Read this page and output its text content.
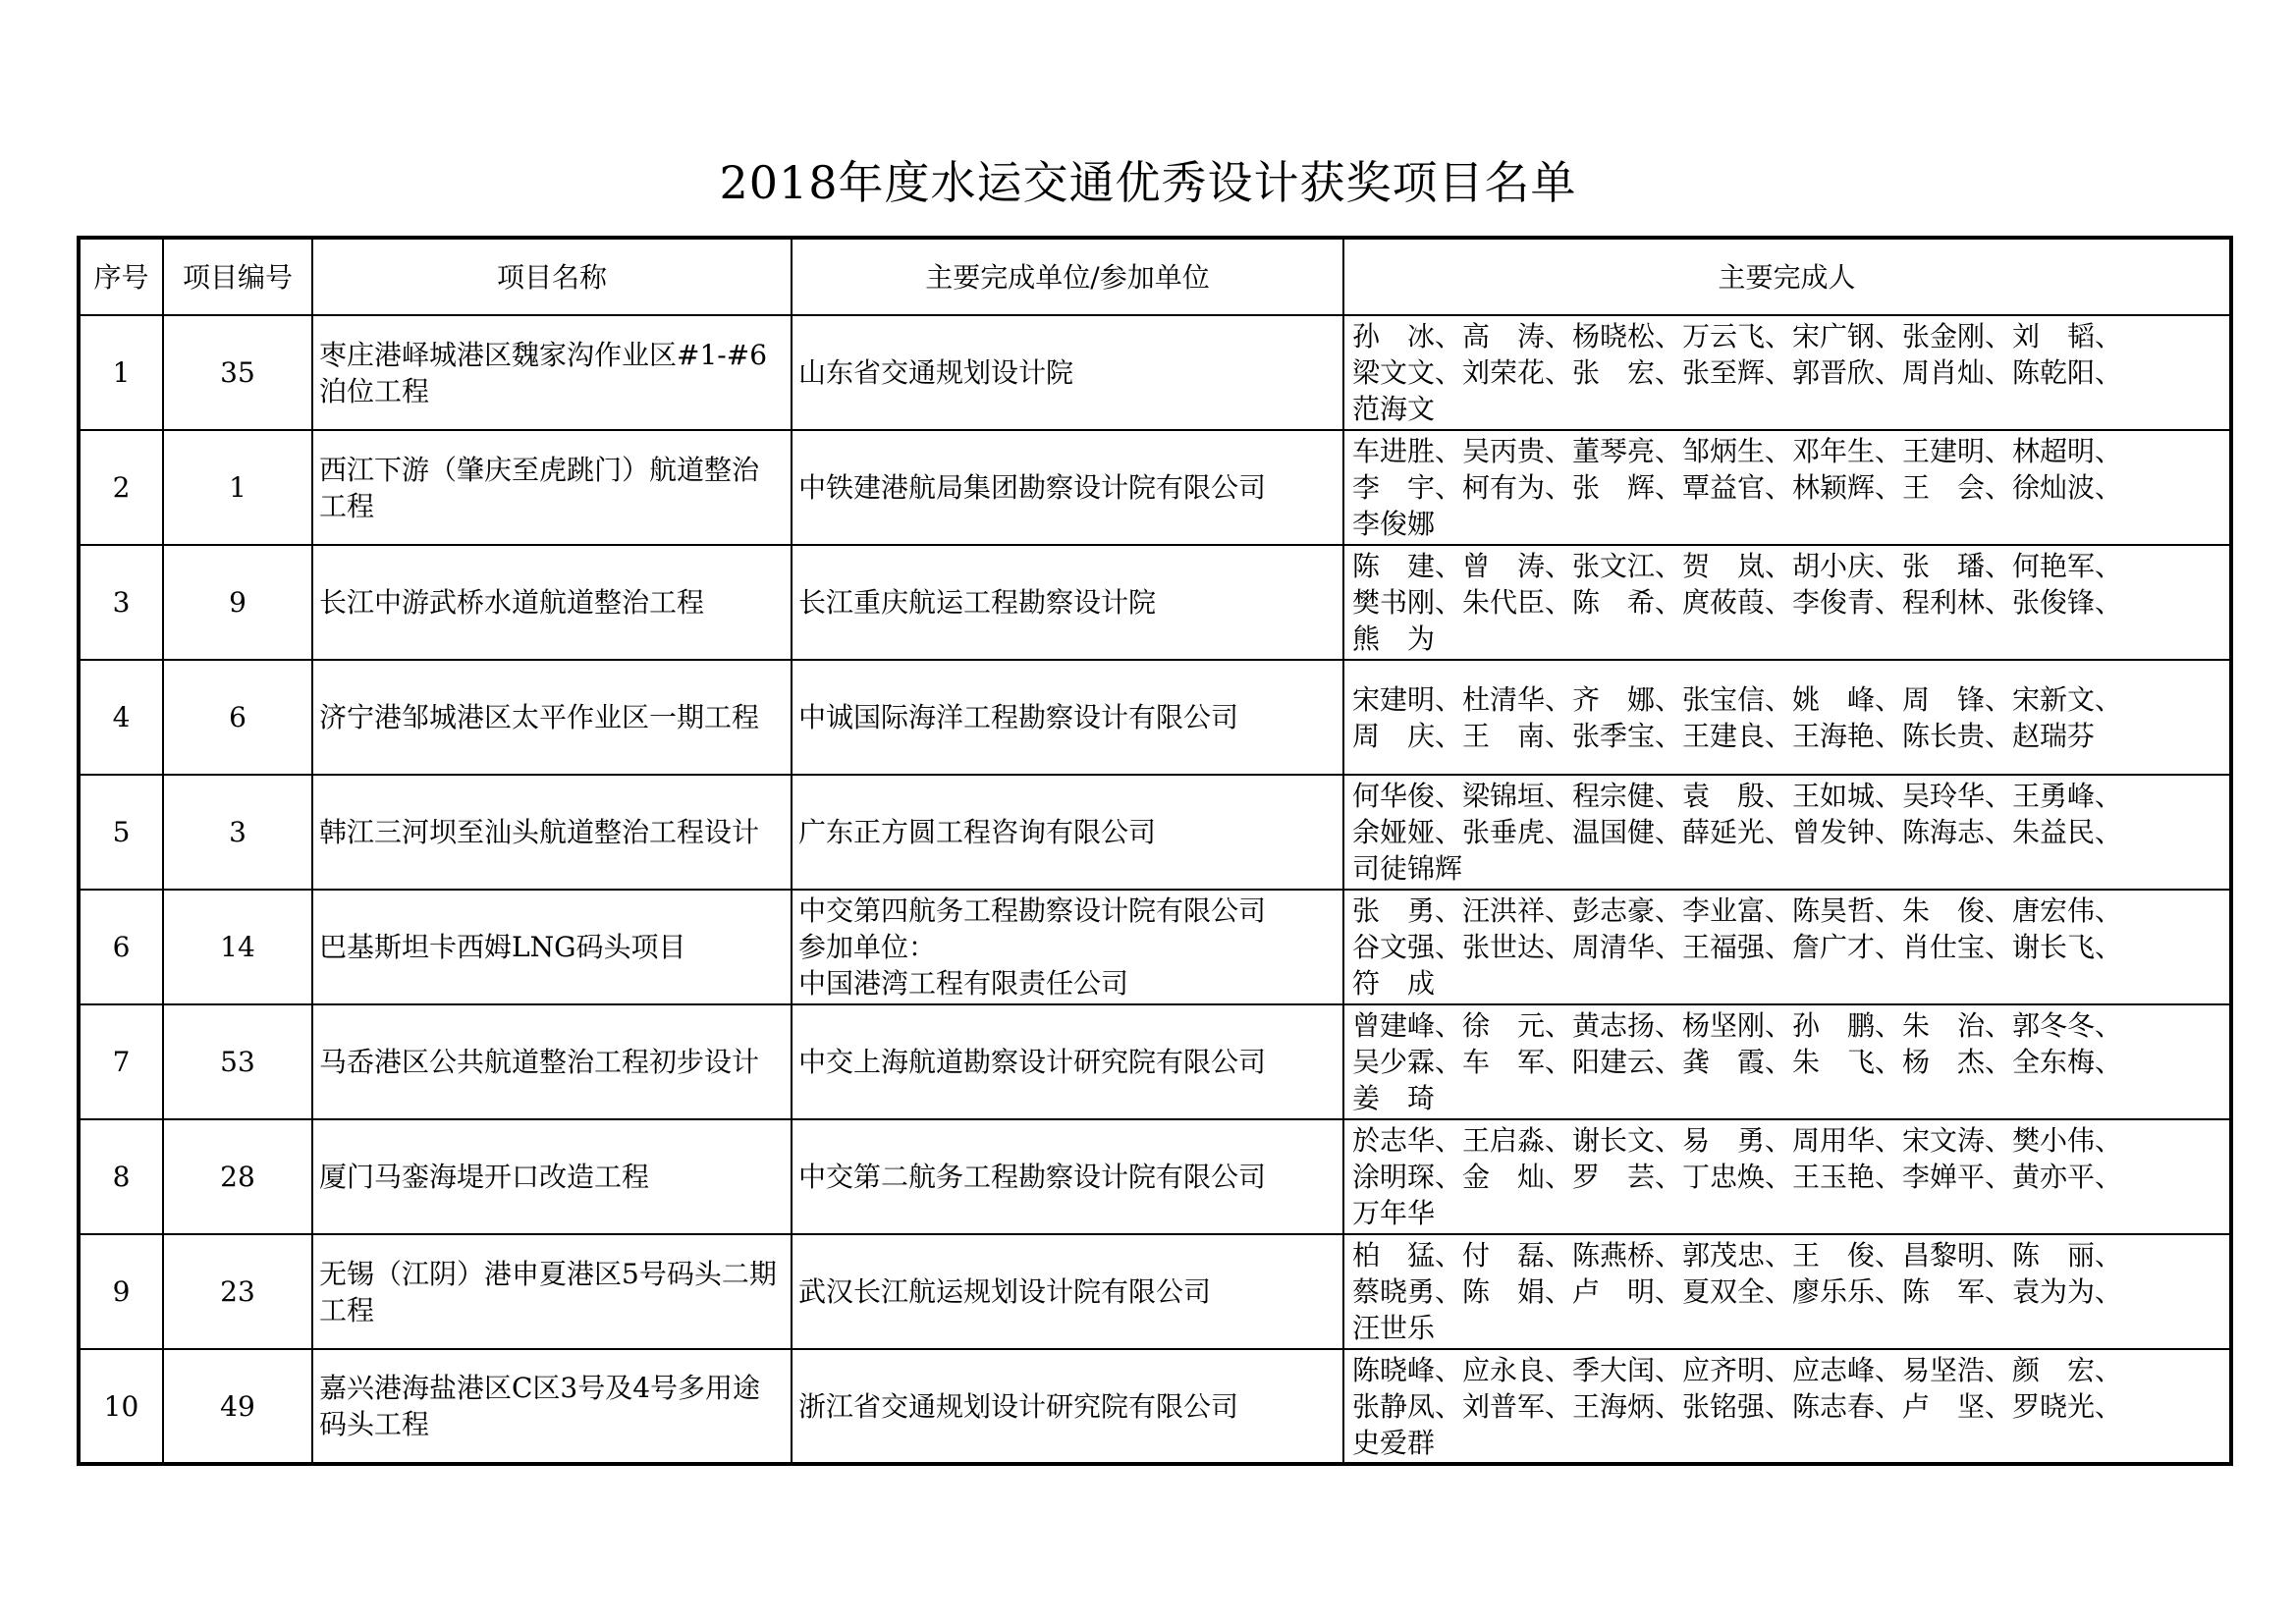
2018年度水运交通优秀设计获奖项目名单
序号	项目编号	项目名称	主要完成单位/参加单位	主要完成人
1	35	枣庄港峄城港区魏家沟作业区#1-#6泊位工程	山东省交通规划设计院	孙　冰、高　涛、杨晓松、万云飞、宋广钢、张金刚、刘　韬、
梁文文、刘荣花、张　宏、张至辉、郭晋欣、周肖灿、陈乾阳、
范海文

2	1	西江下游（肇庆至虎跳门）航道整治工程	中铁建港航局集团勘察设计院有限公司	车进胜、吴丙贵、董琴亮、邹炳生、邓年生、王建明、林超明、
李　宇、柯有为、张　辉、覃益官、林颖辉、王　会、徐灿波、
李俊娜

3	9	长江中游武桥水道航道整治工程	长江重庆航运工程勘察设计院	陈　建、曾　涛、张文江、贺　岚、胡小庆、张　璠、何艳军、
樊书刚、朱代臣、陈　希、庹莜葭、李俊青、程利林、张俊锋、
熊　为

4	6	济宁港邹城港区太平作业区一期工程	中诚国际海洋工程勘察设计有限公司	宋建明、杜清华、齐　娜、张宝信、姚　峰、周　锋、宋新文、
周　庆、王　南、张季宝、王建良、王海艳、陈长贵、赵瑞芬

5	3	韩江三河坝至汕头航道整治工程设计	广东正方圆工程咨询有限公司	何华俊、梁锦垣、程宗健、袁　殷、王如城、吴玲华、王勇峰、
余娅娅、张垂虎、温国健、薛延光、曾发钟、陈海志、朱益民、
司徒锦辉

6	14	巴基斯坦卡西姆LNG码头项目	中交第四航务工程勘察设计院有限公司
参加单位：
中国港湾工程有限责任公司	张　勇、汪洪祥、彭志豪、李业富、陈昊哲、朱　俊、唐宏伟、
谷文强、张世达、周清华、王福强、詹广才、肖仕宝、谢长飞、
符　成

7	53	马岙港区公共航道整治工程初步设计	中交上海航道勘察设计研究院有限公司	曾建峰、徐　元、黄志扬、杨坚刚、孙　鹏、朱　治、郭冬冬、
吴少霖、车　军、阳建云、龚　霞、朱　飞、杨　杰、全东梅、
姜　琦

8	28	厦门马銮海堤开口改造工程	中交第二航务工程勘察设计院有限公司	於志华、王启淼、谢长文、易　勇、周用华、宋文涛、樊小伟、
涂明琛、金　灿、罗　芸、丁忠焕、王玉艳、李婵平、黄亦平、
万年华

9	23	无锡（江阴）港申夏港区5号码头二期工程	武汉长江航运规划设计院有限公司	柏　猛、付　磊、陈燕桥、郭茂忠、王　俊、昌黎明、陈　丽、
蔡晓勇、陈　娟、卢　明、夏双全、廖乐乐、陈　军、袁为为、
汪世乐

10	49	嘉兴港海盐港区C区3号及4号多用途码头工程	浙江省交通规划设计研究院有限公司	陈晓峰、应永良、季大闰、应齐明、应志峰、易坚浩、颜　宏、
张静凤、刘普军、王海炳、张铭强、陈志春、卢　坚、罗晓光、
史爱群
